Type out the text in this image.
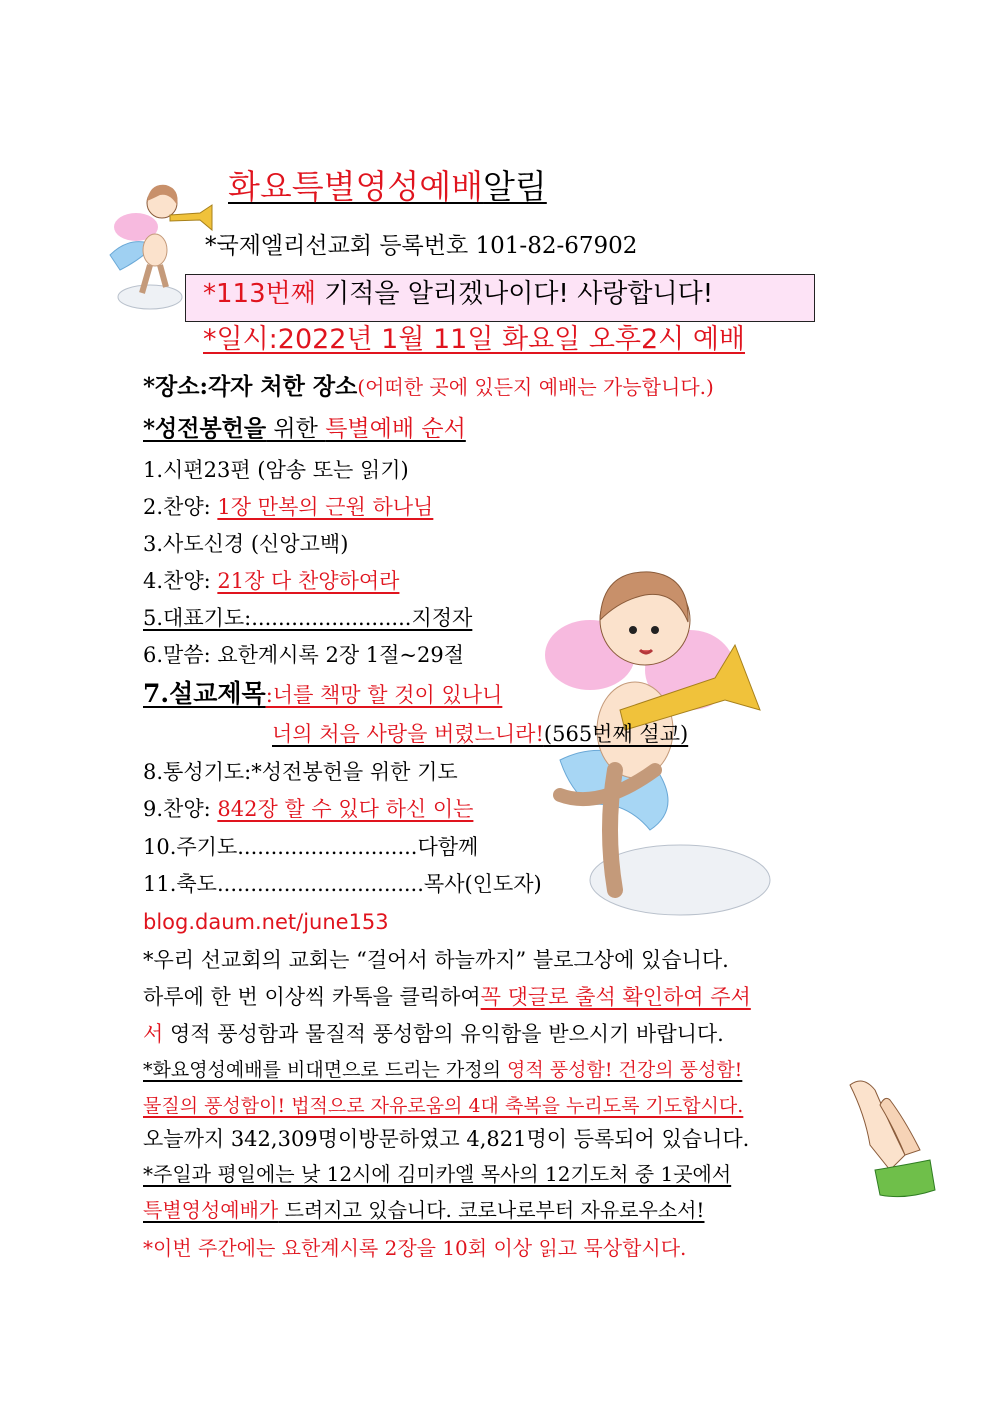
화요특별영성예배알림
*국제엘리선교회 등록번호 101-82-67902
*113번째 기적을 알리겠나이다! 사랑합니다!
*일시:2022년 1월 11일 화요일 오후2시 예배
*장소:각자 처한 장소(어떠한 곳에 있든지 예배는 가능합니다.)
*성전봉헌을 위한 특별예배 순서
1.시편23편 (암송 또는 읽기)
2.찬양: 1장 만복의 근원 하나님
3.사도신경 (신앙고백)
4.찬양: 21장 다 찬양하여라
5.대표기도:........................지정자
6.말씀: 요한계시록 2장 1절~29절
7.설교제목:너를 책망 할 것이 있나니
너의 처음 사랑을 버렸느니라!(565번째 설교)
8.통성기도:*성전봉헌을 위한 기도
9.찬양: 842장 할 수 있다 하신 이는
10.주기도...........................다함께
11.축도...............................목사(인도자)
blog.daum.net/june153
*우리 선교회의 교회는 “걸어서 하늘까지” 블로그상에 있습니다.
하루에 한 번 이상씩 카톡을 클릭하여꼭 댓글로 출석 확인하여 주셔
서 영적 풍성함과 물질적 풍성함의 유익함을 받으시기 바랍니다.
*화요영성예배를 비대면으로 드리는 가정의 영적 풍성함! 건강의 풍성함!
물질의 풍성함이! 법적으로 자유로움의 4대 축복을 누리도록 기도합시다.
오늘까지 342,309명이방문하였고 4,821명이 등록되어 있습니다.
*주일과 평일에는 낮 12시에 김미카엘 목사의 12기도처 중 1곳에서
특별영성예배가 드려지고 있습니다. 코로나로부터 자유로우소서!
*이번 주간에는 요한계시록 2장을 10회 이상 읽고 묵상합시다.
